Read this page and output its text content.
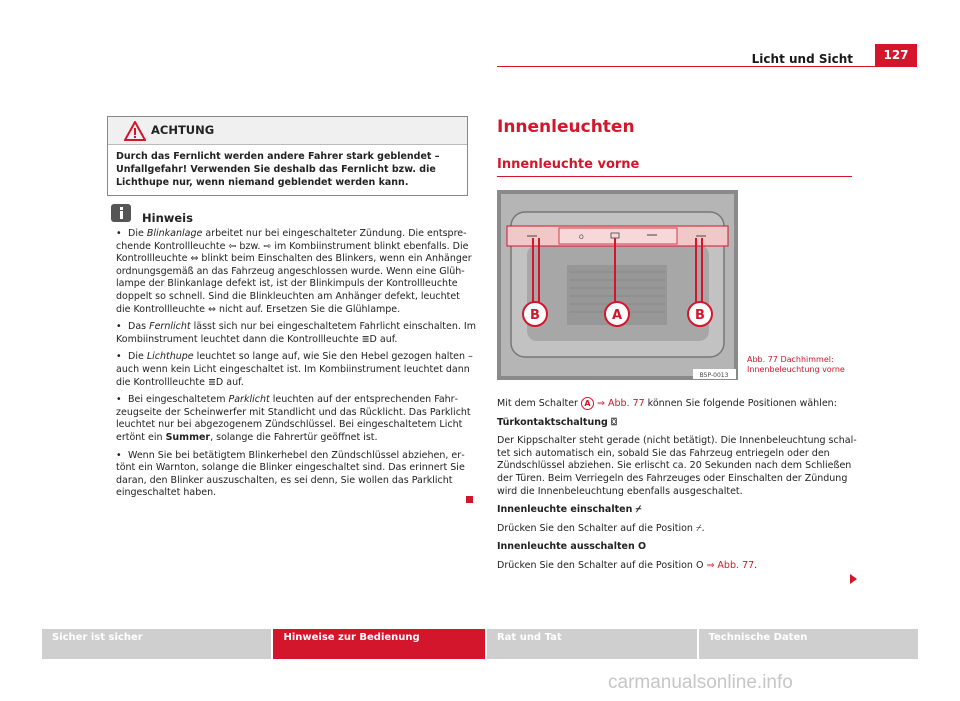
Licht und Sicht	127
ACHTUNG
Durch das Fernlicht werden andere Fahrer stark geblendet – Unfallgefahr! Verwenden Sie deshalb das Fernlicht bzw. die Lichthupe nur, wenn niemand geblendet werden kann.
Hinweis

• Die Blinkanlage arbeitet nur bei eingeschalteter Zündung. Die entsprechende Kontrollleuchte ⇦ bzw. ⇨ im Kombiinstrument blinkt ebenfalls. Die Kontrollleuchte ⇔ blinkt beim Einschalten des Blinkers, wenn ein Anhänger ordnungsgemäß an das Fahrzeug angeschlossen wurde. Wenn eine Glühlampe der Blinkanlage defekt ist, ist der Blinkimpuls der Kontrollleuchte doppelt so schnell. Sind die Blinkleuchten am Anhänger defekt, leuchtet die Kontrollleuchte ⇔ nicht auf. Ersetzen Sie die Glühlampe.

• Das Fernlicht lässt sich nur bei eingeschaltetem Fahrlicht einschalten. Im Kombiinstrument leuchtet dann die Kontrollleuchte ≣D auf.

• Die Lichthupe leuchtet so lange auf, wie Sie den Hebel gezogen halten – auch wenn kein Licht eingeschaltet ist. Im Kombiinstrument leuchtet dann die Kontrollleuchte ≣D auf.

• Bei eingeschaltetem Parklicht leuchten auf der entsprechenden Fahrzeugseite der Scheinwerfer mit Standlicht und das Rücklicht. Das Parklicht leuchtet nur bei abgezogenem Zündschlüssel. Bei eingeschaltetem Licht ertönt ein Summer, solange die Fahrertür geöffnet ist.

• Wenn Sie bei betätigtem Blinkerhebel den Zündschlüssel abziehen, ertönt ein Warnton, solange die Blinker eingeschaltet sind. Das erinnert Sie daran, den Blinker auszuschalten, es sei denn, Sie wollen das Parklicht eingeschaltet haben.

Innenleuchten
Innenleuchte vorne
O
B	A	B
B5P-0013
Abb. 77 Dachhimmel:
Innenbeleuchtung vorne

Mit dem Schalter A ⇒ Abb. 77 können Sie folgende Positionen wählen:

Türkontaktschaltung ⌼

Der Kippschalter steht gerade (nicht betätigt). Die Innenbeleuchtung schaltet sich automatisch ein, sobald Sie das Fahrzeug entriegeln oder den Zündschlüssel abziehen. Sie erlischt ca. 20 Sekunden nach dem Schließen der Türen. Beim Verriegeln des Fahrzeuges oder Einschalten der Zündung wird die Innenbeleuchtung ebenfalls ausgeschaltet.

Innenleuchte einschalten ⌿

Drücken Sie den Schalter auf die Position ⌿.

Innenleuchte ausschalten O

Drücken Sie den Schalter auf die Position O ⇒ Abb. 77.

Sicher ist sicher	Hinweise zur Bedienung	Rat und Tat	Technische Daten
carmanualsonline.info
